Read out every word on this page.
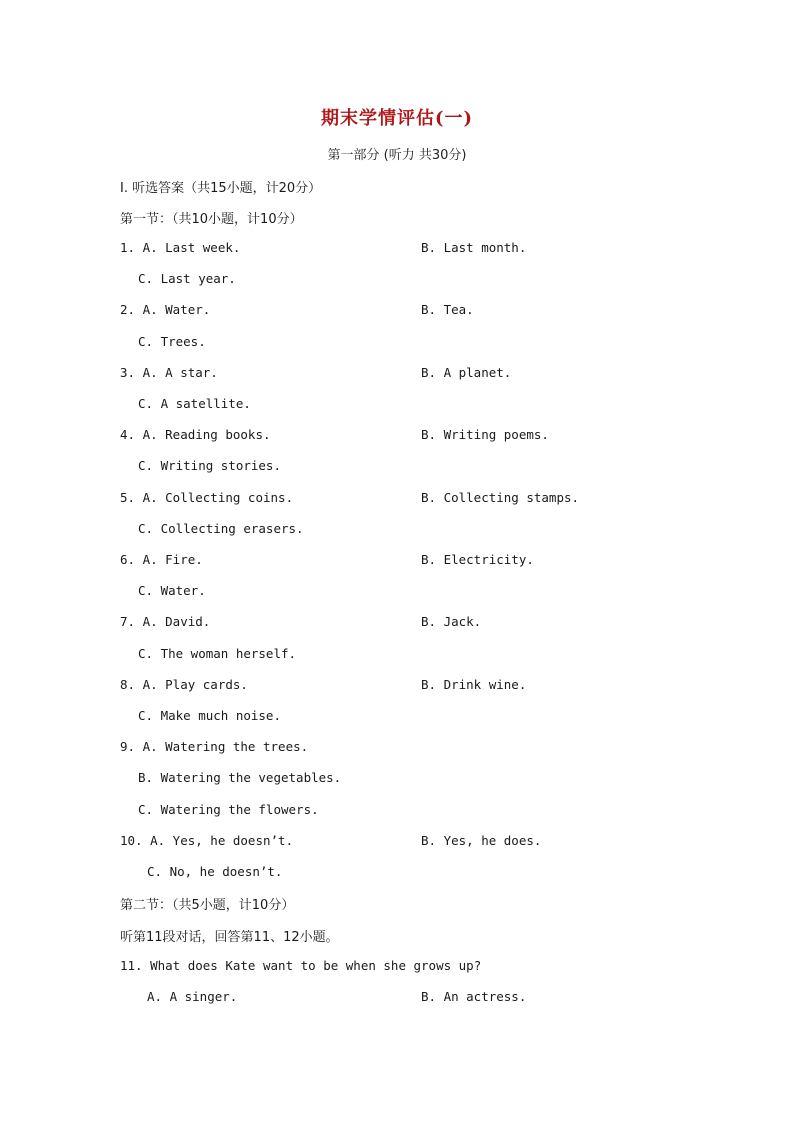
期末学情评估(一)
第一部分 (听力 共30分)
Ⅰ. 听选答案（共15小题，计20分）
第一节：（共10小题，计10分）
1. A. Last week.	B. Last month.
C. Last year.
2. A. Water.	B. Tea.
C. Trees.
3. A. A star.	B. A planet.
C. A satellite.
4. A. Reading books.	B. Writing poems.
C. Writing stories.
5. A. Collecting coins.	B. Collecting stamps.
C. Collecting erasers.
6. A. Fire.	B. Electricity.
C. Water.
7. A. David.	B. Jack.
C. The woman herself.
8. A. Play cards.	B. Drink wine.
C. Make much noise.
9. A. Watering the trees.
B. Watering the vegetables.
C. Watering the flowers.
10. A. Yes, he doesn’t.	B. Yes, he does.
C. No, he doesn’t.
第二节：（共5小题，计10分）
听第11段对话，回答第11、12小题。
11. What does Kate want to be when she grows up?
A. A singer.	B. An actress.
